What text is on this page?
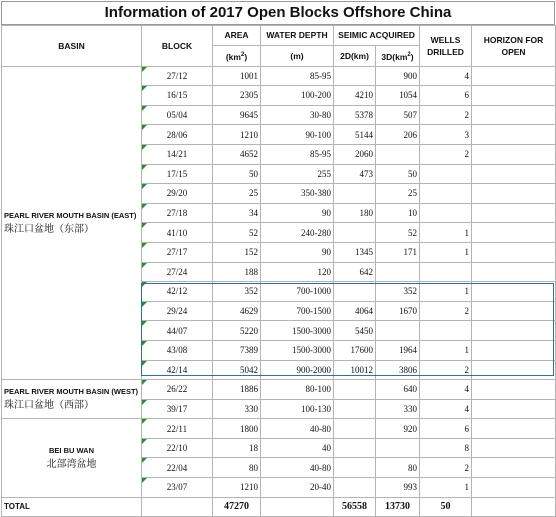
Information of 2017 Open Blocks Offshore China
BASIN	BLOCK	AREA	WATER DEPTH	SEIMIC ACQUIRED		WELLS DRILLED	HORIZON FOR OPEN
		$(km^2)$	(m)	2D(km)	$3D(km^2)$		
PEARL RIVER MOUTH BASIN (EAST)
珠江口盆地（东部）	27/12	1001	85-95		900	4	
	16/15	2305	100-200	4210	1054	6	
	05/04	9645	30-80	5378	507	2	
	28/06	1210	90-100	5144	206	3	
	14/21	4652	85-95	2060		2	
	17/15	50	255	473	50		
	29/20	25	350-380		25		
	27/18	34	90	180	10		
	41/10	52	240-280		52	1	
	27/17	152	90	1345	171	1	
	27/24	188	120	642			
	42/12	352	700-1000		352	1	
	29/24	4629	700-1500	4064	1670	2	
	44/07	5220	1500-3000	5450			
	43/08	7389	1500-3000	17600	1964	1	
	42/14	5042	900-2000	10012	3806	2	
PEARL RIVER MOUTH BASIN (WEST)
珠江口盆地（西部）	26/22	1886	80-100		640	4	
	39/17	330	100-130		330	4	
BEI BU WAN
北部湾盆地	22/11	1800	40-80		920	6	
	22/10	18	40			8	
	22/04	80	40-80		80	2	
	23/07	1210	20-40		993	1	
TOTAL		47270		56558	13730	50	
